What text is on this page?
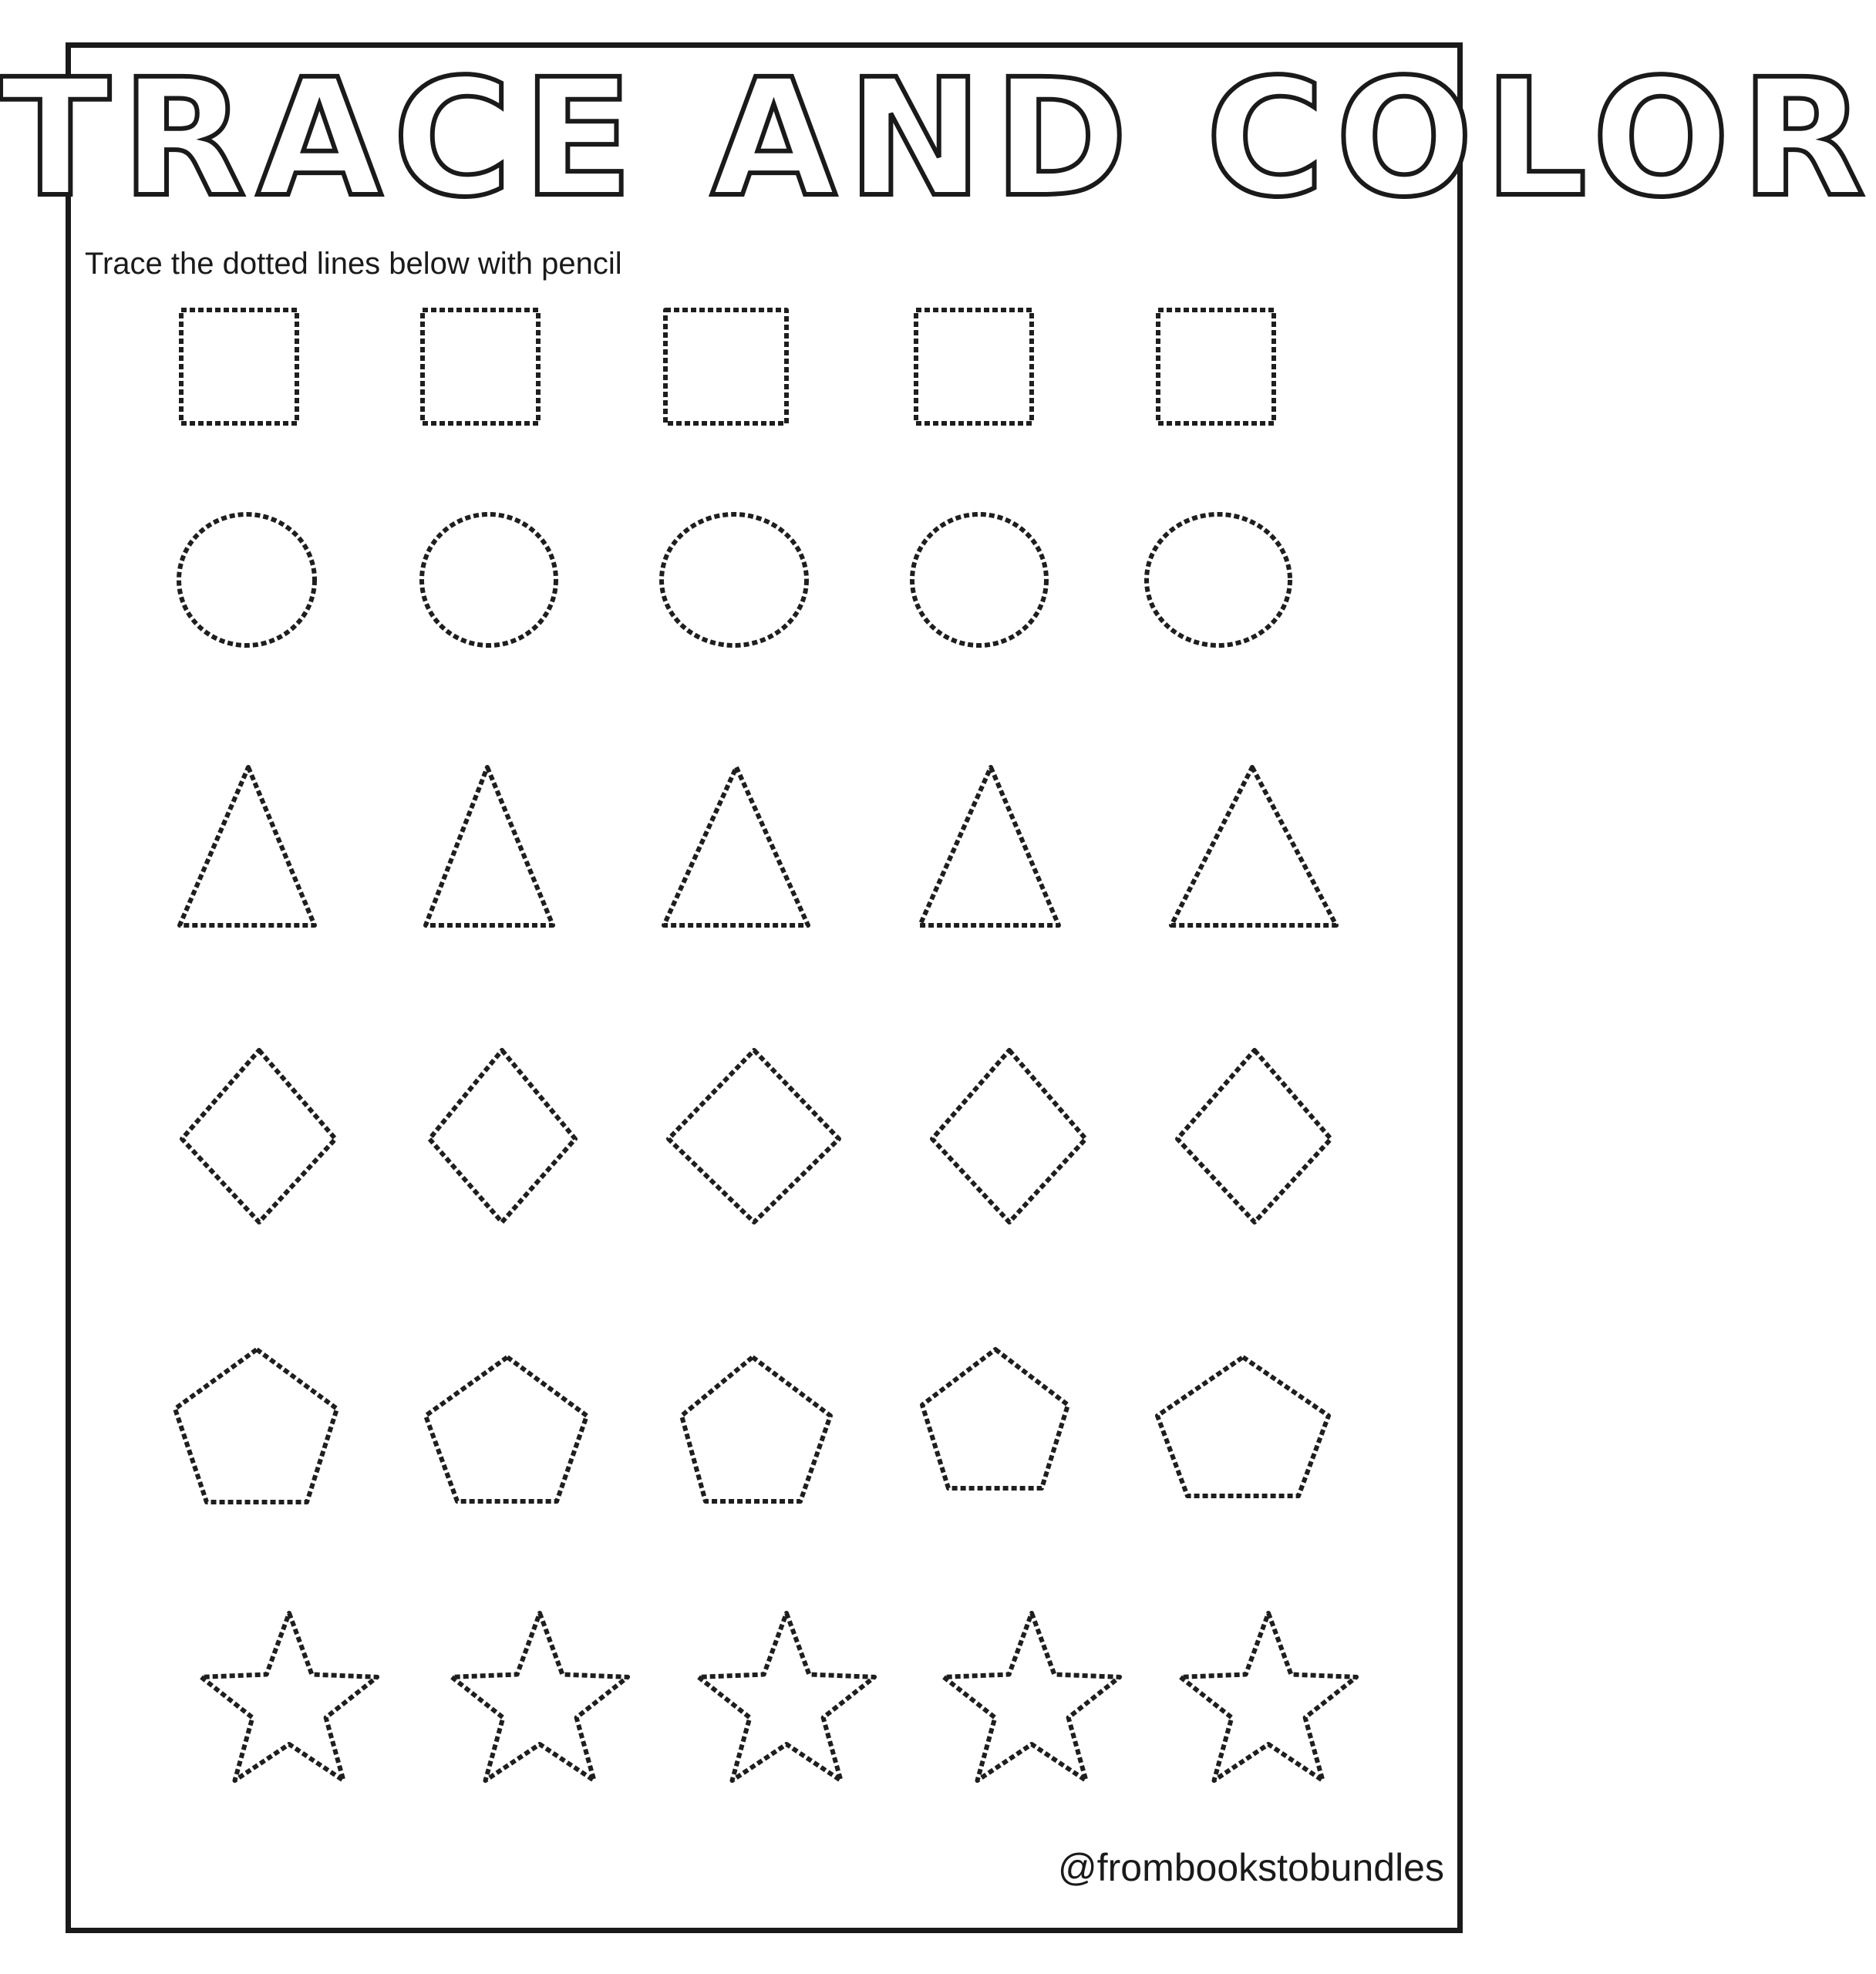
TRACE AND COLOR
Trace the dotted lines below with pencil
@frombookstobundles
